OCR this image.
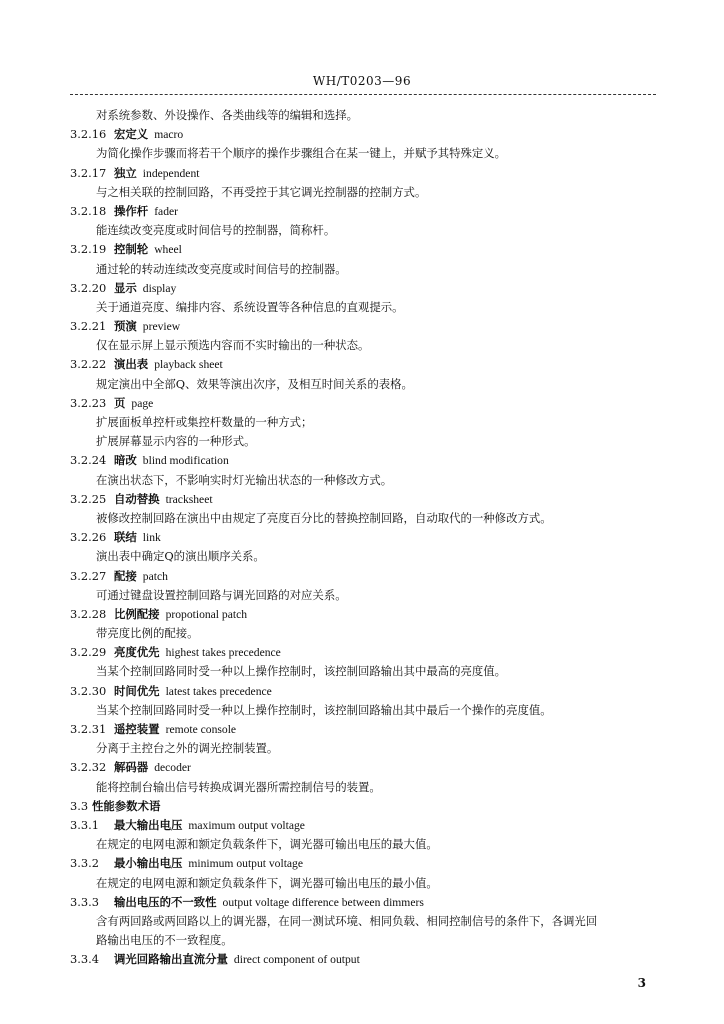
WH/T0203—96
对系统参数、外设操作、各类曲线等的编辑和选择。
3.2.16 宏定义 macro
为简化操作步骤而将若干个顺序的操作步骤组合在某一键上，并赋予其特殊定义。
3.2.17 独立 independent
与之相关联的控制回路，不再受控于其它调光控制器的控制方式。
3.2.18 操作杆 fader
能连续改变亮度或时间信号的控制器，简称杆。
3.2.19 控制轮 wheel
通过轮的转动连续改变亮度或时间信号的控制器。
3.2.20 显示 display
关于通道亮度、编排内容、系统设置等各种信息的直观提示。
3.2.21 预演 preview
仅在显示屏上显示预选内容而不实时输出的一种状态。
3.2.22 演出表 playback sheet
规定演出中全部Q、效果等演出次序，及相互时间关系的表格。
3.2.23 页 page
扩展面板单控杆或集控杆数量的一种方式；
扩展屏幕显示内容的一种形式。
3.2.24 暗改 blind modification
在演出状态下，不影响实时灯光输出状态的一种修改方式。
3.2.25 自动替换 tracksheet
被修改控制回路在演出中由规定了亮度百分比的替换控制回路，自动取代的一种修改方式。
3.2.26 联结 link
演出表中确定Q的演出顺序关系。
3.2.27 配接 patch
可通过键盘设置控制回路与调光回路的对应关系。
3.2.28 比例配接 propotional patch
带亮度比例的配接。
3.2.29 亮度优先 highest takes precedence
当某个控制回路同时受一种以上操作控制时，该控制回路输出其中最高的亮度值。
3.2.30 时间优先 latest takes precedence
当某个控制回路同时受一种以上操作控制时，该控制回路输出其中最后一个操作的亮度值。
3.2.31 遥控装置 remote console
分离于主控台之外的调光控制装置。
3.2.32 解码器 decoder
能将控制台输出信号转换成调光器所需控制信号的装置。
3.3 性能参数术语
3.3.1 最大输出电压 maximum output voltage
在规定的电网电源和额定负载条件下，调光器可输出电压的最大值。
3.3.2 最小输出电压 minimum output voltage
在规定的电网电源和额定负载条件下，调光器可输出电压的最小值。
3.3.3 输出电压的不一致性 output voltage difference between dimmers
含有两回路或两回路以上的调光器，在同一测试环境、相同负载、相同控制信号的条件下，各调光回
路输出电压的不一致程度。
3.3.4 调光回路输出直流分量 direct component of output
3
